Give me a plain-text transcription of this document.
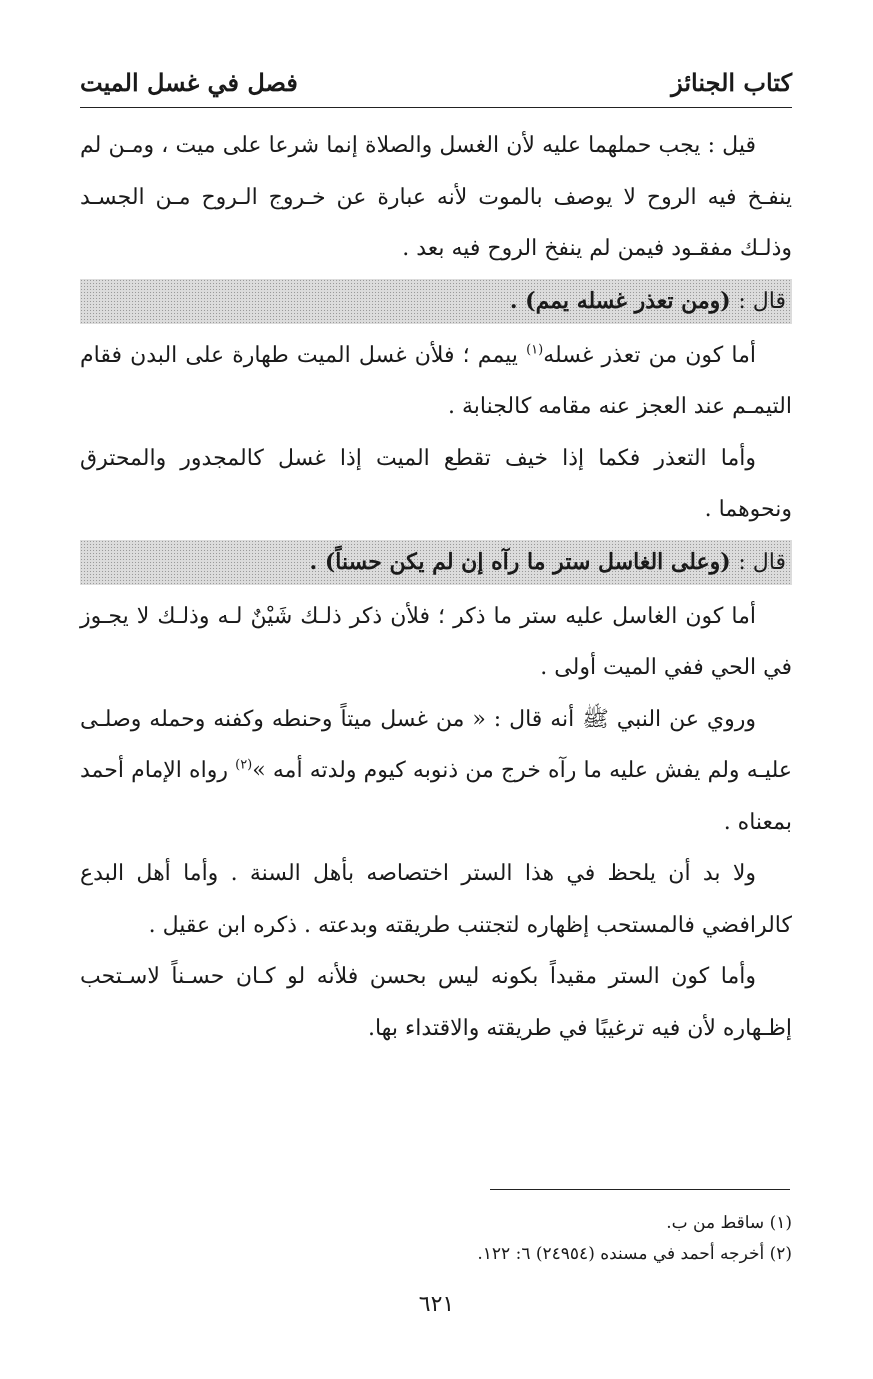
كتاب الجنائز
فصل في غسل الميت

قيل : يجب حملهما عليه لأن الغسل والصلاة إنما شرعا على ميت ، ومـن لم ينفـخ فيه الروح لا يوصف بالموت لأنه عبارة عن خـروج الـروح مـن الجسـد وذلـك مفقـود فيمن لم ينفخ الروح فيه بعد .

قال : (ومن تعذر غسله يمم) .

أما كون من تعذر غسله$^{(١)}$ ييمم ؛ فلأن غسل الميت طهارة على البدن فقام التيمـم عند العجز عنه مقامه كالجنابة .

وأما التعذر فكما إذا خيف تقطع الميت إذا غسل كالمجدور والمحترق ونحوهما .

قال : (وعلى الغاسل ستر ما رآه إن لم يكن حسناً) .

أما كون الغاسل عليه ستر ما ذكر ؛ فلأن ذكر ذلـك شَيْنٌ لـه وذلـك لا يجـوز في الحي ففي الميت أولى .

وروي عن النبي ﷺ أنه قال : « من غسل ميتاً وحنطه وكفنه وحمله وصلـى عليـه ولم يفش عليه ما رآه خرج من ذنوبه كيوم ولدته أمه »$^{(٢)}$ رواه الإمام أحمد بمعناه .

ولا بد أن يلحظ في هذا الستر اختصاصه بأهل السنة . وأما أهل البدع كالرافضي فالمستحب إظهاره لتجتنب طريقته وبدعته . ذكره ابن عقيل .

وأما كون الستر مقيداً بكونه ليس بحسن فلأنه لو كـان حسـناً لاسـتحب إظـهاره لأن فيه ترغيبًا في طريقته والاقتداء بها.

(١) ساقط من ب.

(٢) أخرجه أحمد في مسنده (٢٤٩٥٤) ٦: ١٢٢.

٦٢١
